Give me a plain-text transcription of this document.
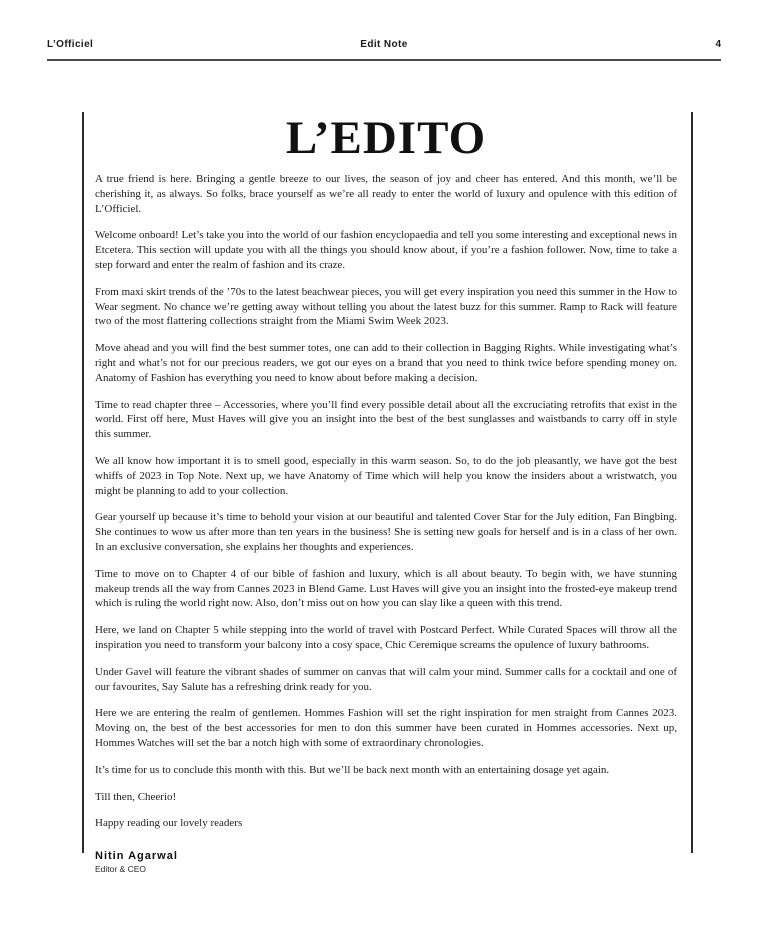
L’Officiel	Edit Note	4
L’EDITO

A true friend is here. Bringing a gentle breeze to our lives, the season of joy and cheer has entered. And this month, we’ll be cherishing it, as always. So folks, brace yourself as we’re all ready to enter the world of luxury and opulence with this edition of L’Officiel.

Welcome onboard! Let’s take you into the world of our fashion encyclopaedia and tell you some interesting and exceptional news in Etcetera. This section will update you with all the things you should know about, if you’re a fashion follower. Now, time to take a step forward and enter the realm of fashion and its craze.

From maxi skirt trends of the ’70s to the latest beachwear pieces, you will get every inspiration you need this summer in the How to Wear segment. No chance we’re getting away without telling you about the latest buzz for this summer. Ramp to Rack will feature two of the most flattering collections straight from the Miami Swim Week 2023.

Move ahead and you will find the best summer totes, one can add to their collection in Bagging Rights. While investigating what’s right and what’s not for our precious readers, we got our eyes on a brand that you need to think twice before spending money on. Anatomy of Fashion has everything you need to know about before making a decision.

Time to read chapter three – Accessories, where you’ll find every possible detail about all the excruciating retrofits that exist in the world. First off here, Must Haves will give you an insight into the best of the best sunglasses and waistbands to carry off in style this summer.

We all know how important it is to smell good, especially in this warm season. So, to do the job pleasantly, we have got the best whiffs of 2023 in Top Note. Next up, we have Anatomy of Time which will help you know the insiders about a wristwatch, you might be planning to add to your collection.

Gear yourself up because it’s time to behold your vision at our beautiful and talented Cover Star for the July edition, Fan Bingbing. She continues to wow us after more than ten years in the business! She is setting new goals for herself and is in a class of her own. In an exclusive conversation, she explains her thoughts and experiences.

Time to move on to Chapter 4 of our bible of fashion and luxury, which is all about beauty. To begin with, we have stunning makeup trends all the way from Cannes 2023 in Blend Game. Lust Haves will give you an insight into the frosted-eye makeup trend which is ruling the world right now. Also, don’t miss out on how you can slay like a queen with this trend.

Here, we land on Chapter 5 while stepping into the world of travel with Postcard Perfect. While Curated Spaces will throw all the inspiration you need to transform your balcony into a cosy space, Chic Ceremique screams the opulence of luxury bathrooms.

Under Gavel will feature the vibrant shades of summer on canvas that will calm your mind. Summer calls for a cocktail and one of our favourites, Say Salute has a refreshing drink ready for you.

Here we are entering the realm of gentlemen. Hommes Fashion will set the right inspiration for men straight from Cannes 2023. Moving on, the best of the best accessories for men to don this summer have been curated in Hommes accessories. Next up, Hommes Watches will set the bar a notch high with some of extraordinary chronologies.

It’s time for us to conclude this month with this. But we’ll be back next month with an entertaining dosage yet again.

Till then, Cheerio!

Happy reading our lovely readers

Nitin Agarwal
Editor & CEO
